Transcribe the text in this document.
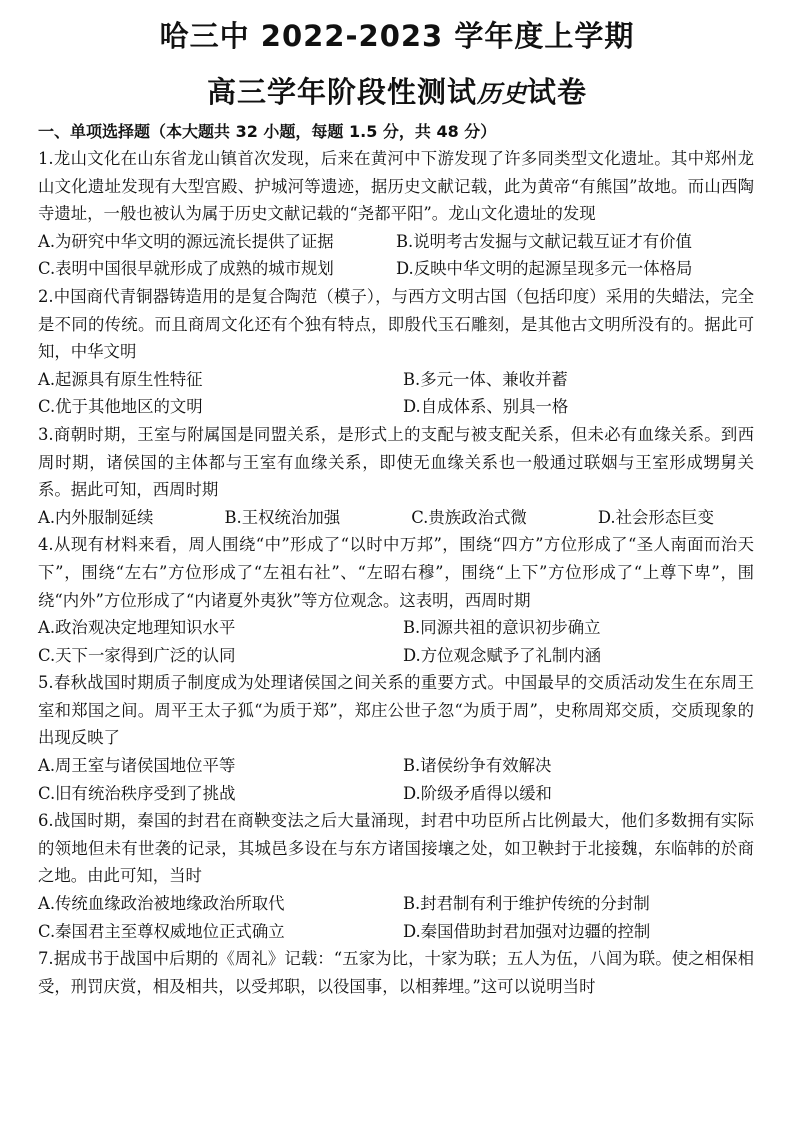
哈三中 2022-2023 学年度上学期
高三学年阶段性测试历史试卷
一、单项选择题（本大题共 32 小题，每题 1.5 分，共 48 分）

1.龙山文化在山东省龙山镇首次发现，后来在黄河中下游发现了许多同类型文化遗址。其中郑州龙山文化遗址发现有大型宫殿、护城河等遗迹，据历史文献记载，此为黄帝“有熊国”故地。而山西陶寺遗址，一般也被认为属于历史文献记载的“尧都平阳”。龙山文化遗址的发现

A.为研究中华文明的源远流长提供了证据	B.说明考古发掘与文献记载互证才有价值
C.表明中国很早就形成了成熟的城市规划	D.反映中华文明的起源呈现多元一体格局

2.中国商代青铜器铸造用的是复合陶范（模子），与西方文明古国（包括印度）采用的失蜡法，完全是不同的传统。而且商周文化还有个独有特点，即殷代玉石雕刻，是其他古文明所没有的。据此可知，中华文明

A.起源具有原生性特征	B.多元一体、兼收并蓄
C.优于其他地区的文明	D.自成体系、别具一格

3.商朝时期，王室与附属国是同盟关系，是形式上的支配与被支配关系，但未必有血缘关系。到西周时期，诸侯国的主体都与王室有血缘关系，即使无血缘关系也一般通过联姻与王室形成甥舅关系。据此可知，西周时期

A.内外服制延续	B.王权统治加强	C.贵族政治式微	D.社会形态巨变

4.从现有材料来看，周人围绕“中”形成了“以时中万邦”，围绕“四方”方位形成了“圣人南面而治天下”，围绕“左右”方位形成了“左祖右社”、“左昭右穆”，围绕“上下”方位形成了“上尊下卑”，围绕“内外”方位形成了“内诸夏外夷狄”等方位观念。这表明，西周时期

A.政治观决定地理知识水平	B.同源共祖的意识初步确立
C.天下一家得到广泛的认同	D.方位观念赋予了礼制内涵

5.春秋战国时期质子制度成为处理诸侯国之间关系的重要方式。中国最早的交质活动发生在东周王室和郑国之间。周平王太子狐“为质于郑”，郑庄公世子忽“为质于周”，史称周郑交质，交质现象的出现反映了

A.周王室与诸侯国地位平等	B.诸侯纷争有效解决
C.旧有统治秩序受到了挑战	D.阶级矛盾得以缓和

6.战国时期，秦国的封君在商鞅变法之后大量涌现，封君中功臣所占比例最大，他们多数拥有实际的领地但未有世袭的记录，其城邑多设在与东方诸国接壤之处，如卫鞅封于北接魏，东临韩的於商之地。由此可知，当时

A.传统血缘政治被地缘政治所取代	B.封君制有利于维护传统的分封制
C.秦国君主至尊权威地位正式确立	D.秦国借助封君加强对边疆的控制

7.据成书于战国中后期的《周礼》记载：“五家为比，十家为联；五人为伍，八闾为联。使之相保相受，刑罚庆赏，相及相共，以受邦职，以役国事，以相葬埋。”这可以说明当时
